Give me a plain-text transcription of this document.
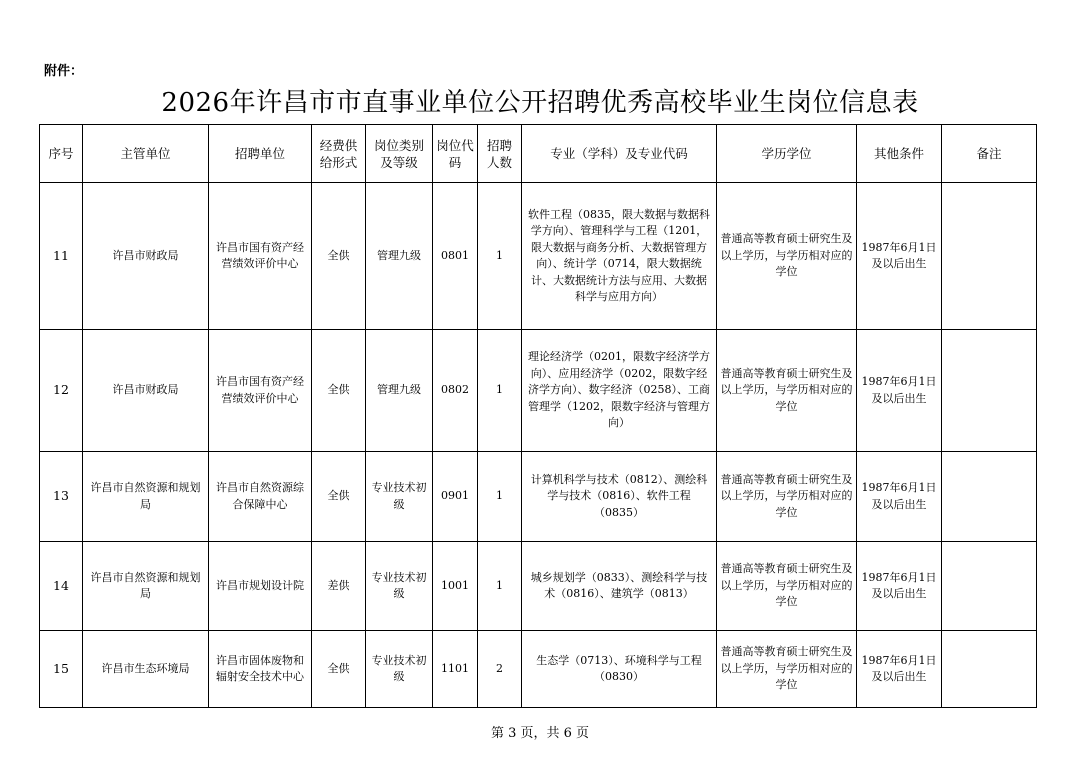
附件：
2026年许昌市市直事业单位公开招聘优秀高校毕业生岗位信息表
序号	主管单位	招聘单位	经费供给形式	岗位类别及等级	岗位代码	招聘人数	专业（学科）及专业代码	学历学位	其他条件	备注
11	许昌市财政局	许昌市国有资产经营绩效评价中心	全供	管理九级	0801	1	软件工程（0835，限大数据与数据科学方向）、管理科学与工程（1201，限大数据与商务分析、大数据管理方向）、统计学（0714，限大数据统计、大数据统计方法与应用、大数据科学与应用方向）	普通高等教育硕士研究生及以上学历，与学历相对应的学位	1987年6月1日及以后出生	
12	许昌市财政局	许昌市国有资产经营绩效评价中心	全供	管理九级	0802	1	理论经济学（0201，限数字经济学方向）、应用经济学（0202，限数字经济学方向）、数字经济（0258）、工商管理学（1202，限数字经济与管理方向）	普通高等教育硕士研究生及以上学历，与学历相对应的学位	1987年6月1日及以后出生	
13	许昌市自然资源和规划局	许昌市自然资源综合保障中心	全供	专业技术初级	0901	1	计算机科学与技术（0812）、测绘科学与技术（0816）、软件工程（0835）	普通高等教育硕士研究生及以上学历，与学历相对应的学位	1987年6月1日及以后出生	
14	许昌市自然资源和规划局	许昌市规划设计院	差供	专业技术初级	1001	1	城乡规划学（0833）、测绘科学与技术（0816）、建筑学（0813）	普通高等教育硕士研究生及以上学历，与学历相对应的学位	1987年6月1日及以后出生	
15	许昌市生态环境局	许昌市固体废物和辐射安全技术中心	全供	专业技术初级	1101	2	生态学（0713）、环境科学与工程（0830）	普通高等教育硕士研究生及以上学历，与学历相对应的学位	1987年6月1日及以后出生	
第 3 页，共 6 页
